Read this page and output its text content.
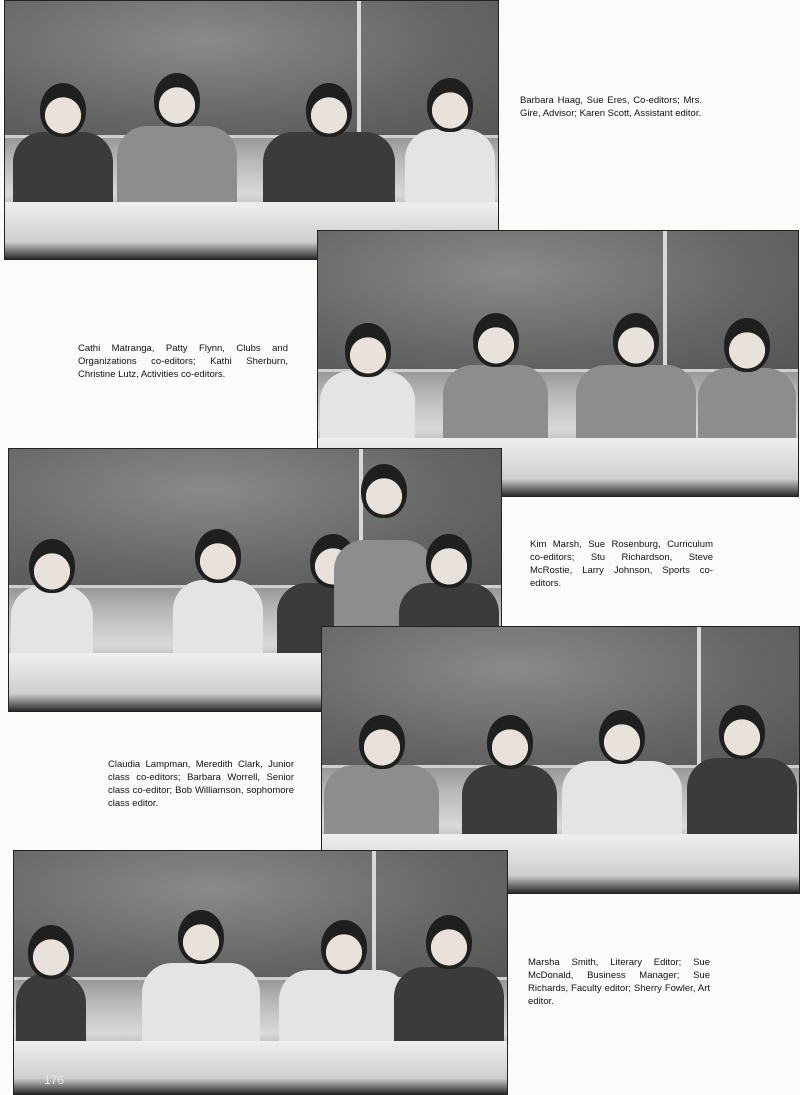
Barbara Haag, Sue Eres, Co-editors; Mrs. Gire, Advisor; Karen Scott, Assistant editor.
Cathi Matranga, Patty Flynn, Clubs and Organizations co-editors; Kathi Sherburn, Christine Lutz, Activities co-editors.
Kim Marsh, Sue Rosenburg, Curriculum co-editors; Stu Richardson, Steve McRostie, Larry Johnson, Sports co-editors.
Claudia Lampman, Meredith Clark, Junior class co-editors; Barbara Worrell, Senior class co-editor; Bob Williamson, sophomore class editor.
Marsha Smith, Literary Editor; Sue McDonald, Business Manager; Sue Richards, Faculty editor; Sherry Fowler, Art editor.
176
